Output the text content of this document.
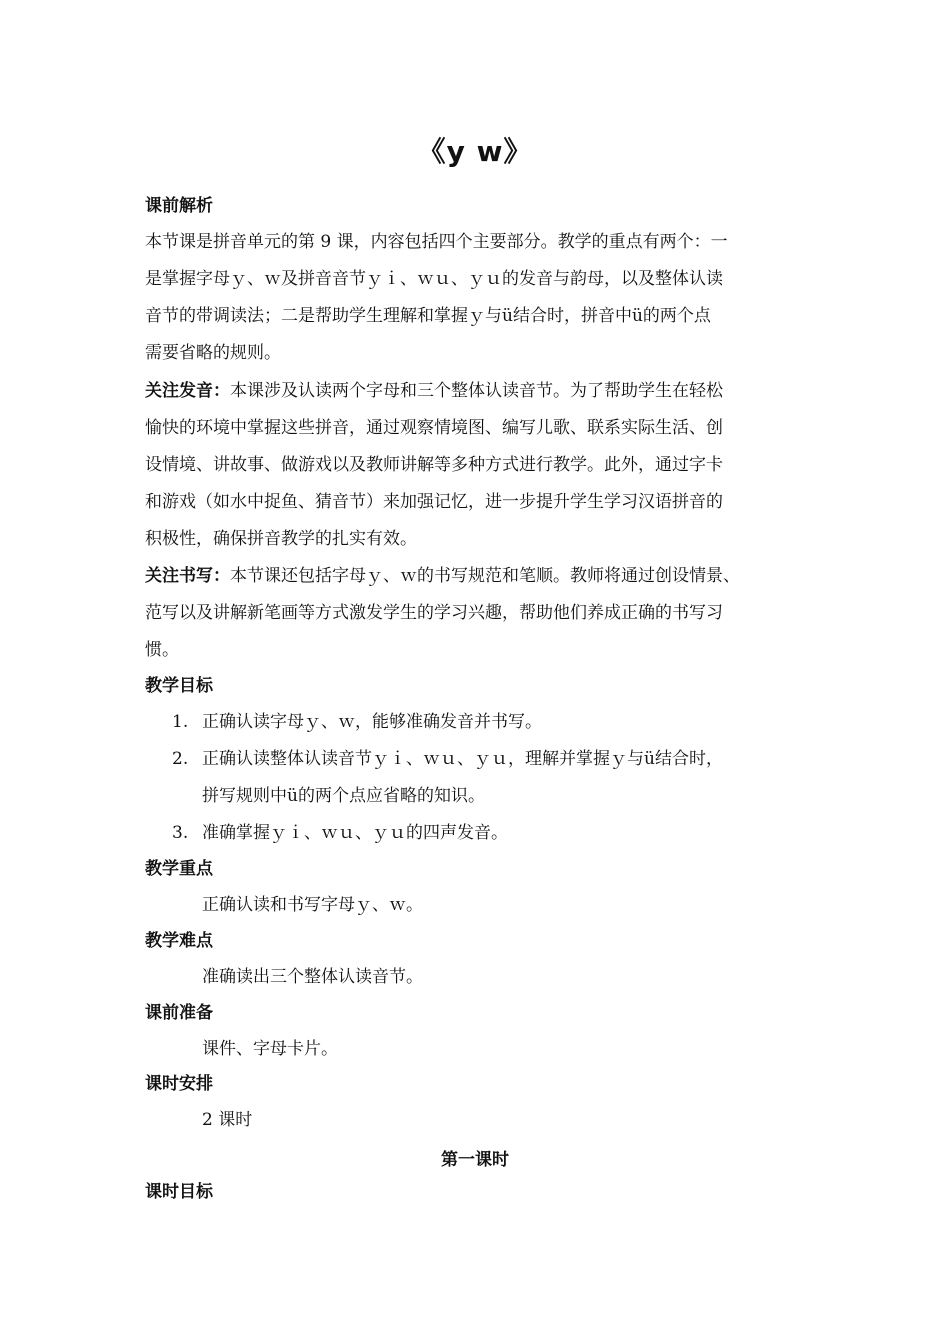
《y w》
课前解析
本节课是拼音单元的第 9 课，内容包括四个主要部分。教学的重点有两个：一
是掌握字母ｙ、ｗ及拼音音节ｙｉ、ｗｕ、ｙｕ的发音与韵母，以及整体认读
音节的带调读法；二是帮助学生理解和掌握ｙ与ü结合时，拼音中ü的两个点
需要省略的规则。
关注发音：本课涉及认读两个字母和三个整体认读音节。为了帮助学生在轻松
愉快的环境中掌握这些拼音，通过观察情境图、编写儿歌、联系实际生活、创
设情境、讲故事、做游戏以及教师讲解等多种方式进行教学。此外，通过字卡
和游戏（如水中捉鱼、猜音节）来加强记忆，进一步提升学生学习汉语拼音的
积极性，确保拼音教学的扎实有效。
关注书写：本节课还包括字母ｙ、ｗ的书写规范和笔顺。教师将通过创设情景、
范写以及讲解新笔画等方式激发学生的学习兴趣，帮助他们养成正确的书写习
惯。
教学目标
1. 正确认读字母ｙ、ｗ，能够准确发音并书写。
2. 正确认读整体认读音节ｙｉ、ｗｕ、ｙｕ，理解并掌握ｙ与ü结合时，
拼写规则中ü的两个点应省略的知识。
3. 准确掌握ｙｉ、ｗｕ、ｙｕ的四声发音。
教学重点
正确认读和书写字母ｙ、ｗ。
教学难点
准确读出三个整体认读音节。
课前准备
课件、字母卡片。
课时安排
2 课时
第一课时
课时目标
